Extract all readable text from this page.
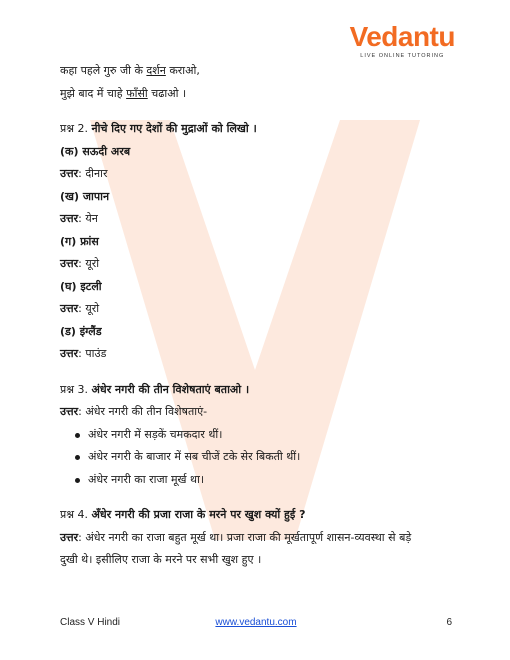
Vedantu
LIVE ONLINE TUTORING
कहा पहले गुरु जी के दर्शन कराओ,
मुझे बाद में चाहे फाँसी चढाओ ।
प्रश्न 2. नीचे दिए गए देशों की मुद्राओं को लिखो ।
(क) सऊदी अरब
उत्तर: दीनार
(ख) जापान
उत्तर: येन
(ग) फ्रांस
उत्तर: यूरो
(घ) इटली
उत्तर: यूरो
(ड) इंग्लैंड
उत्तर: पाउंड
प्रश्न 3. अंधेर नगरी की तीन विशेषताएं बताओ ।
उत्तर: अंधेर नगरी की तीन विशेषताएं-
अंधेर नगरी में सड़कें चमकदार थीं।
अंधेर नगरी के बाजार में सब चीजें टके सेर बिकती थीं।
अंधेर नगरी का राजा मूर्ख था।
प्रश्न 4. अँधेर नगरी की प्रजा राजा के मरने पर खुश क्यों हुई ?
उत्तर: अंधेर नगरी का राजा बहुत मूर्ख था। प्रजा राजा की मूर्खतापूर्ण शासन-व्यवस्था से बड़े
दुखी थे। इसीलिए राजा के मरने पर सभी खुश हुए ।
Class V Hindi	www.vedantu.com	6
